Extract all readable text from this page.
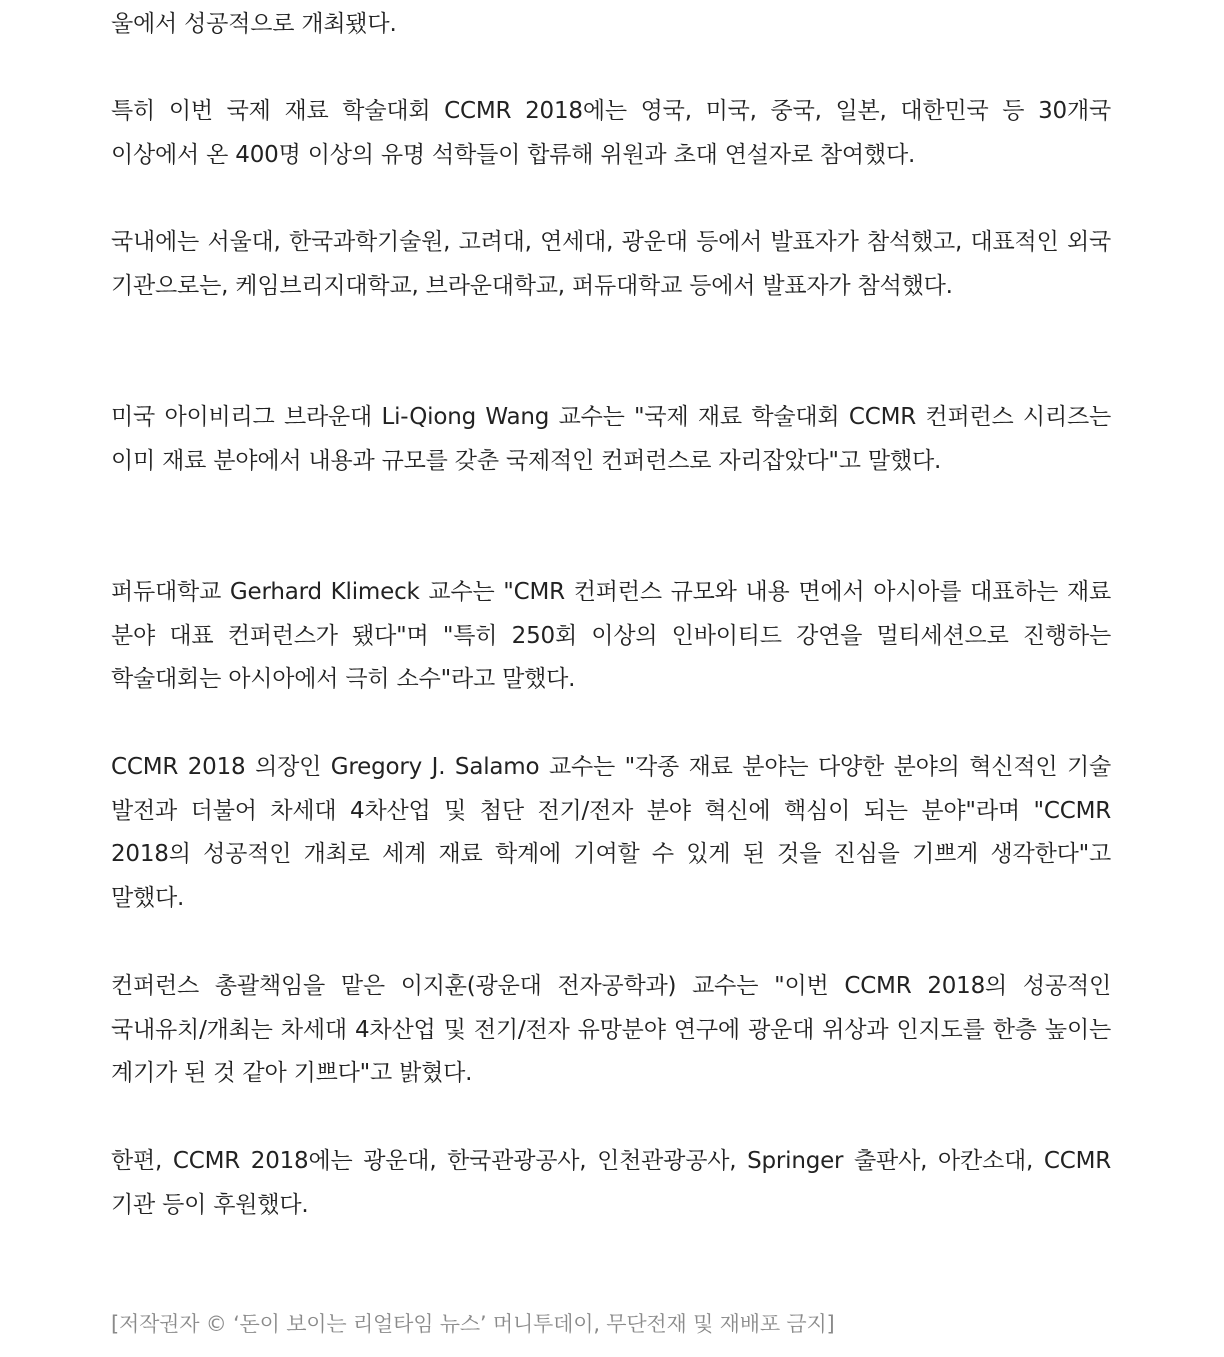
울에서 성공적으로 개최됐다.

특히 이번 국제 재료 학술대회 CCMR 2018에는 영국, 미국, 중국, 일본, 대한민국 등 30개국 이상에서 온 400명 이상의 유명 석학들이 합류해 위원과 초대 연설자로 참여했다.

국내에는 서울대, 한국과학기술원, 고려대, 연세대, 광운대 등에서 발표자가 참석했고, 대표적인 외국 기관으로는, 케임브리지대학교, 브라운대학교, 퍼듀대학교 등에서 발표자가 참석했다.

미국 아이비리그 브라운대 Li-Qiong Wang 교수는 "국제 재료 학술대회 CCMR 컨퍼런스 시리즈는 이미 재료 분야에서 내용과 규모를 갖춘 국제적인 컨퍼런스로 자리잡았다"고 말했다.

퍼듀대학교 Gerhard Klimeck 교수는 "CMR 컨퍼런스 규모와 내용 면에서 아시아를 대표하는 재료 분야 대표 컨퍼런스가 됐다"며 "특히 250회 이상의 인바이티드 강연을 멀티세션으로 진행하는 학술대회는 아시아에서 극히 소수"라고 말했다.

CCMR 2018 의장인 Gregory J. Salamo 교수는 "각종 재료 분야는 다양한 분야의 혁신적인 기술 발전과 더불어 차세대 4차산업 및 첨단 전기/전자 분야 혁신에 핵심이 되는 분야"라며 "CCMR 2018의 성공적인 개최로 세계 재료 학계에 기여할 수 있게 된 것을 진심을 기쁘게 생각한다"고 말했다.

컨퍼런스 총괄책임을 맡은 이지훈(광운대 전자공학과) 교수는 "이번 CCMR 2018의 성공적인 국내유치/개최는 차세대 4차산업 및 전기/전자 유망분야 연구에 광운대 위상과 인지도를 한층 높이는 계기가 된 것 같아 기쁘다"고 밝혔다.

한편, CCMR 2018에는 광운대, 한국관광공사, 인천관광공사, Springer 출판사, 아칸소대, CCMR 기관 등이 후원했다.

[저작권자 © ‘돈이 보이는 리얼타임 뉴스’ 머니투데이, 무단전재 및 재배포 금지]
